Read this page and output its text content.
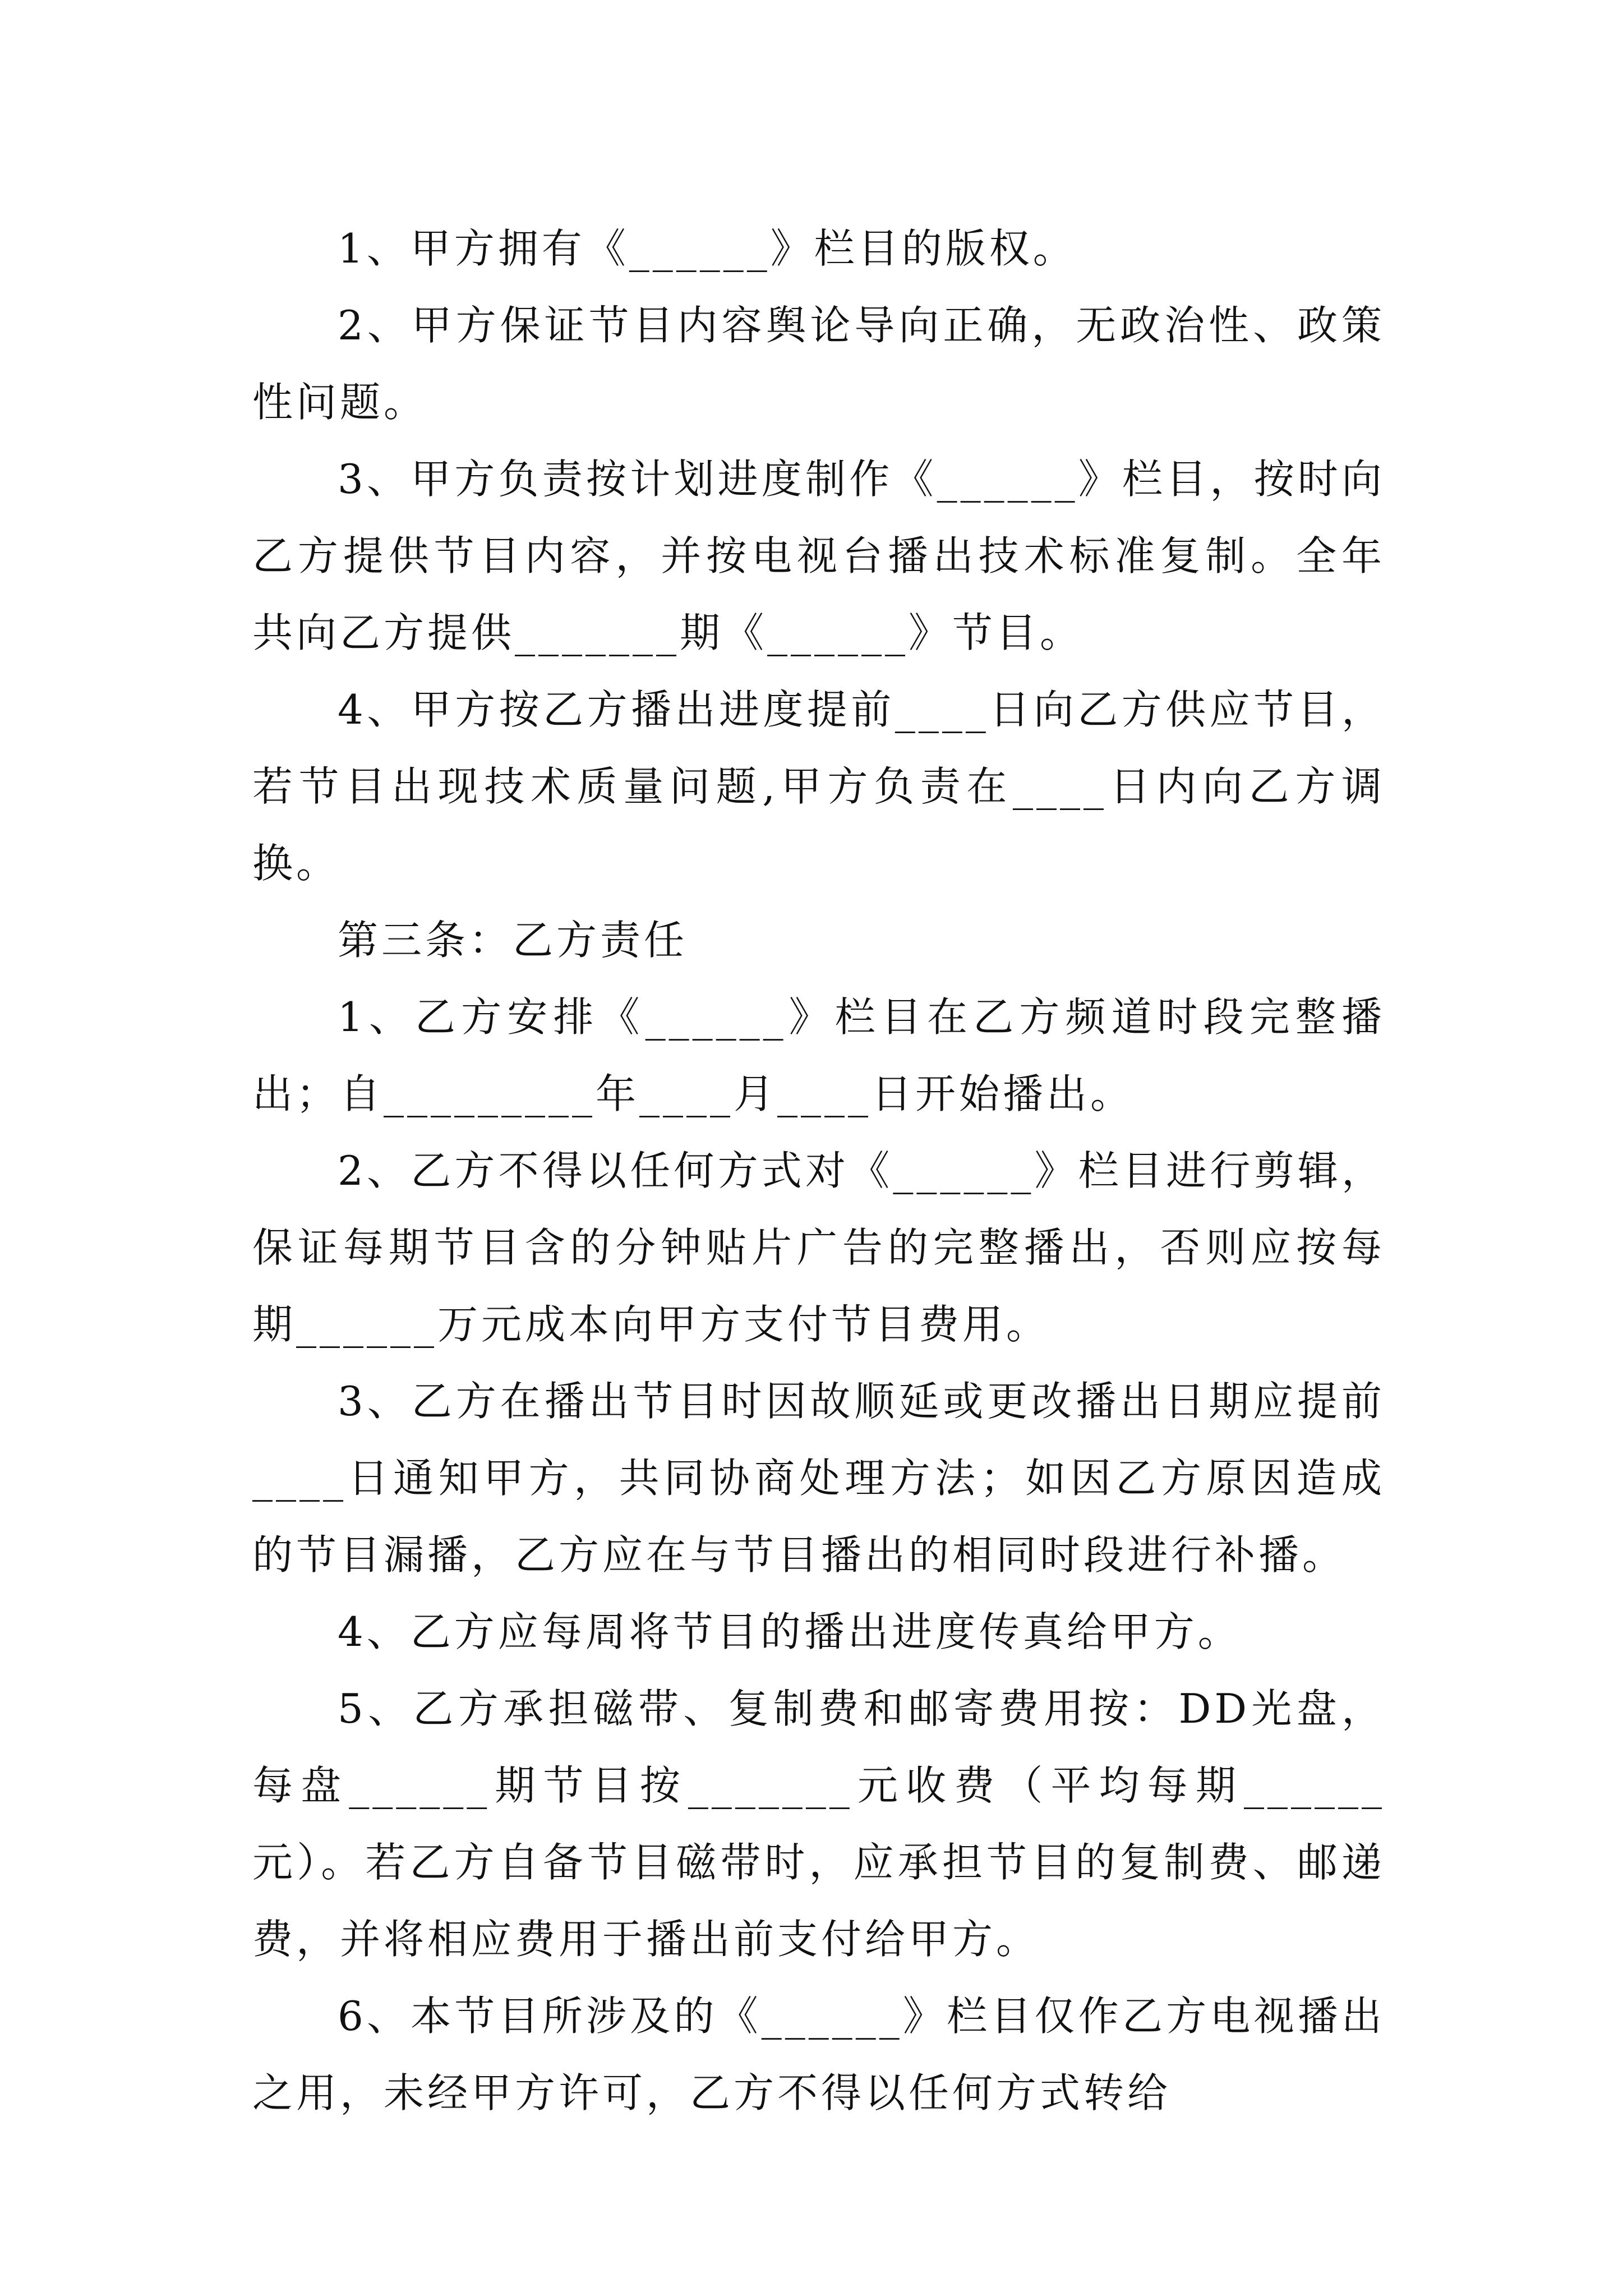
1、甲方拥有《______》栏目的版权。

2、甲方保证节目内容舆论导向正确，无政治性、政策性问题。

3、甲方负责按计划进度制作《______》栏目，按时向乙方提供节目内容，并按电视台播出技术标准复制。全年共向乙方提供_______期《______》节目。

4、甲方按乙方播出进度提前____日向乙方供应节目，若节目出现技术质量问题,甲方负责在____日内向乙方调换。

第三条：乙方责任

1、乙方安排《______》栏目在乙方频道时段完整播出；自_________年____月____日开始播出。

2、乙方不得以任何方式对《______》栏目进行剪辑，保证每期节目含的分钟贴片广告的完整播出，否则应按每期______万元成本向甲方支付节目费用。

3、乙方在播出节目时因故顺延或更改播出日期应提前____日通知甲方，共同协商处理方法；如因乙方原因造成的节目漏播，乙方应在与节目播出的相同时段进行补播。

4、乙方应每周将节目的播出进度传真给甲方。

5、乙方承担磁带、复制费和邮寄费用按：DD光盘，每盘______期节目按_______元收费（平均每期______元）。若乙方自备节目磁带时，应承担节目的复制费、邮递费，并将相应费用于播出前支付给甲方。

6、本节目所涉及的《______》栏目仅作乙方电视播出之用，未经甲方许可，乙方不得以任何方式转给
